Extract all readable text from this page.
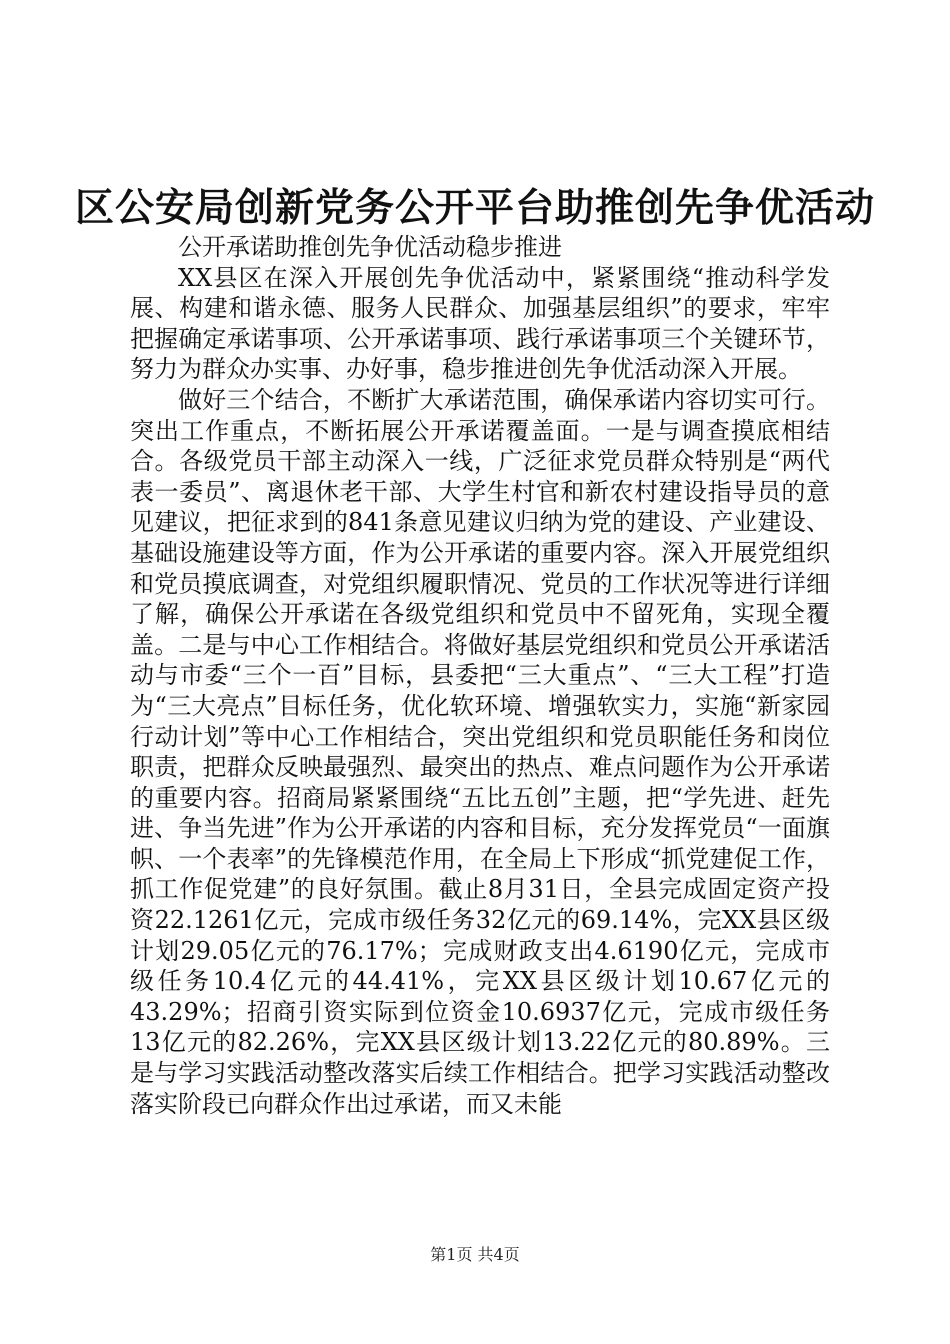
区公安局创新党务公开平台助推创先争优活动

公开承诺助推创先争优活动稳步推进

XX县区在深入开展创先争优活动中，紧紧围绕“推动科学发展、构建和谐永德、服务人民群众、加强基层组织”的要求，牢牢把握确定承诺事项、公开承诺事项、践行承诺事项三个关键环节，努力为群众办实事、办好事，稳步推进创先争优活动深入开展。

做好三个结合，不断扩大承诺范围，确保承诺内容切实可行。突出工作重点，不断拓展公开承诺覆盖面。一是与调查摸底相结合。各级党员干部主动深入一线，广泛征求党员群众特别是“两代表一委员”、离退休老干部、大学生村官和新农村建设指导员的意见建议，把征求到的841条意见建议归纳为党的建设、产业建设、基础设施建设等方面，作为公开承诺的重要内容。深入开展党组织和党员摸底调查，对党组织履职情况、党员的工作状况等进行详细了解，确保公开承诺在各级党组织和党员中不留死角，实现全覆盖。二是与中心工作相结合。将做好基层党组织和党员公开承诺活动与市委“三个一百”目标，县委把“三大重点”、“三大工程”打造为“三大亮点”目标任务，优化软环境、增强软实力，实施“新家园行动计划”等中心工作相结合，突出党组织和党员职能任务和岗位职责，把群众反映最强烈、最突出的热点、难点问题作为公开承诺的重要内容。招商局紧紧围绕“五比五创”主题，把“学先进、赶先进、争当先进”作为公开承诺的内容和目标，充分发挥党员“一面旗帜、一个表率”的先锋模范作用，在全局上下形成“抓党建促工作，抓工作促党建”的良好氛围。截止8月31日，全县完成固定资产投资22.1261亿元，完成市级任务32亿元的69.14%，完XX县区级计划29.05亿元的76.17%；完成财政支出4.6190亿元，完成市级任务10.4亿元的44.41%，完XX县区级计划10.67亿元的43.29%；招商引资实际到位资金10.6937亿元，完成市级任务13亿元的82.26%，完XX县区级计划13.22亿元的80.89%。三是与学习实践活动整改落实后续工作相结合。把学习实践活动整改落实阶段已向群众作出过承诺，而又未能

第1页 共4页
